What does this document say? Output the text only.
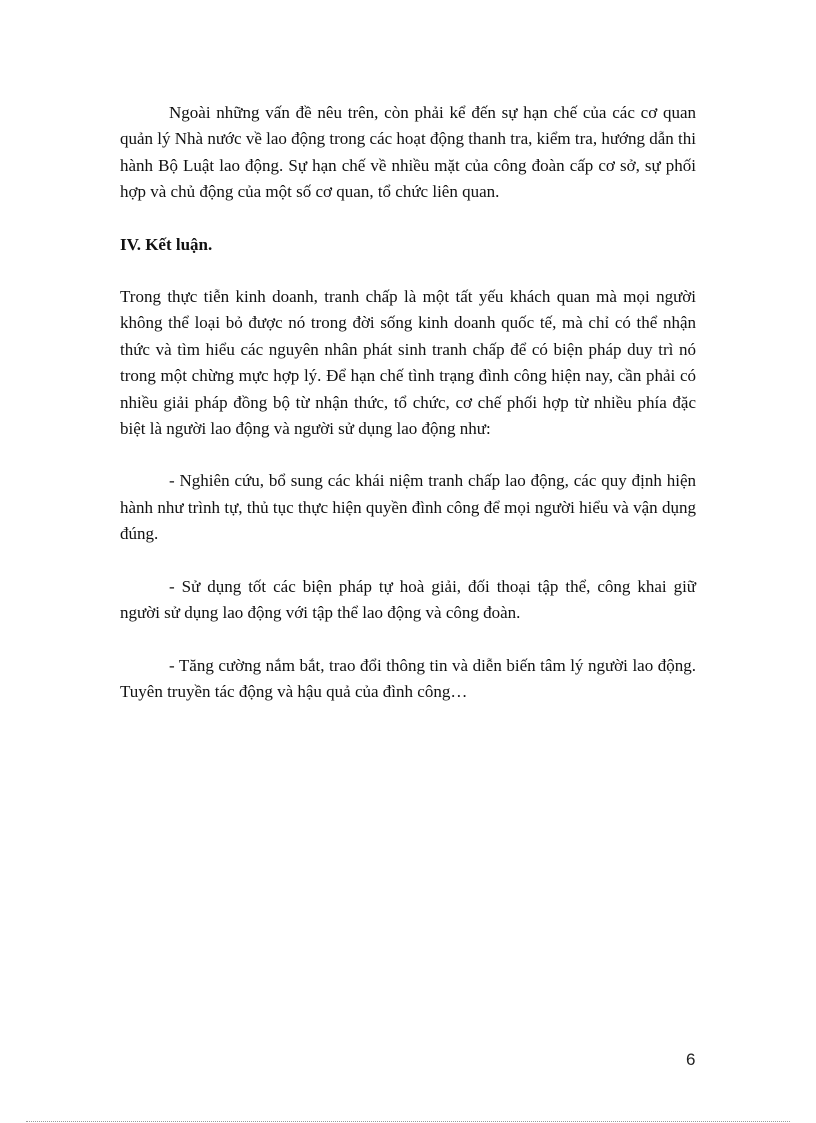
Ngoài những vấn đề nêu trên, còn phải kể đến sự hạn chế của các cơ quan quản lý Nhà nước về lao động trong các hoạt động thanh tra, kiểm tra, hướng dẫn thi hành Bộ Luật lao động. Sự hạn chế về nhiều mặt của công đoàn cấp cơ sở, sự phối hợp và chủ động của một số cơ quan, tổ chức liên quan.

IV. Kết luận.

Trong thực tiễn kinh doanh, tranh chấp là một tất yếu khách quan mà mọi người không thể loại bỏ được nó trong đời sống kinh doanh quốc tế, mà chỉ có thể nhận thức và tìm hiểu các nguyên nhân phát sinh tranh chấp để có biện pháp duy trì nó trong một chừng mực hợp lý. Để hạn chế tình trạng đình công hiện nay, cần phải có nhiều giải pháp đồng bộ từ nhận thức, tổ chức, cơ chế phối hợp từ nhiều phía đặc biệt là người lao động và người sử dụng lao động như:

- Nghiên cứu, bổ sung các khái niệm tranh chấp lao động, các quy định hiện hành như trình tự, thủ tục thực hiện quyền đình công để mọi người hiểu và vận dụng đúng.

- Sử dụng tốt các biện pháp tự hoà giải, đối thoại tập thể, công khai giữ người sử dụng lao động với tập thể lao động và công đoàn.

- Tăng cường nắm bắt, trao đổi thông tin và diễn biến tâm lý người lao động. Tuyên truyền tác động và hậu quả của đình công…

6
